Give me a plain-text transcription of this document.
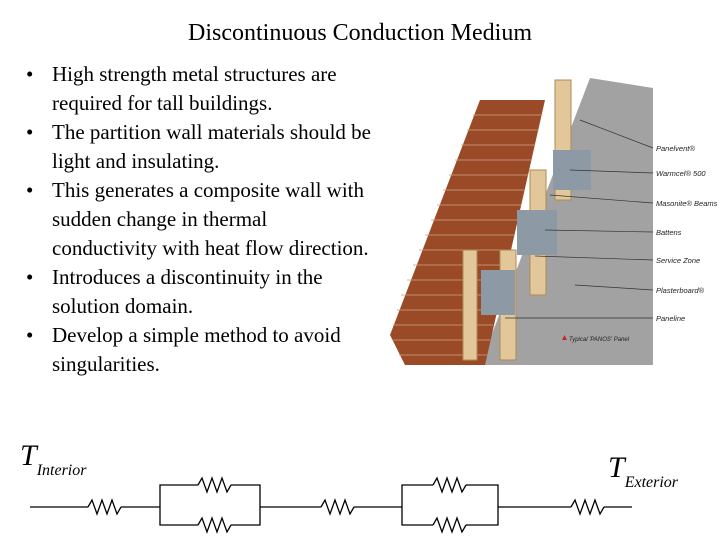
Discontinuous Conduction Medium
• High strength metal structures are required for tall buildings.
• The partition wall materials should be light and insulating.
• This generates a composite wall with sudden change in thermal conductivity with heat flow direction.
• Introduces a discontinuity in the solution domain.
• Develop a simple method to avoid singularities.
Panelvent®
Warmcel® 500
Masonite® Beams
Battens
Service Zone
Plasterboard®
Paneline
Typical 'PANOS' Panel
$T_{Interior}$	$T_{Exterior}$
